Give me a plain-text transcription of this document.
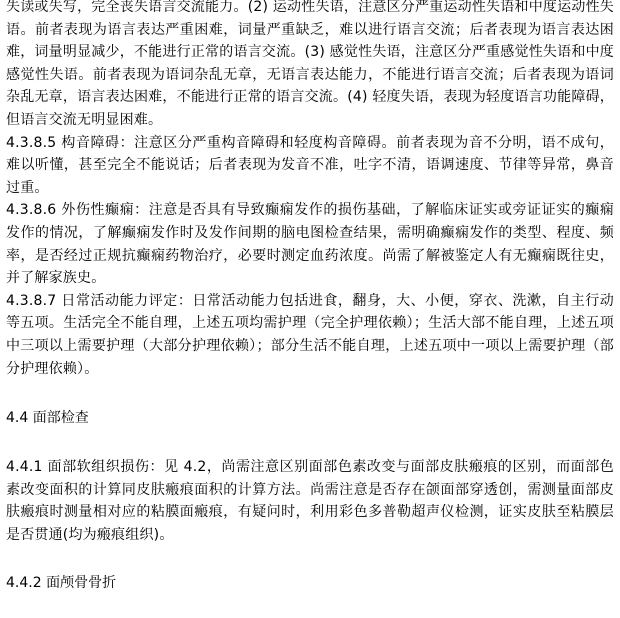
失读或失写，完全丧失语言交流能力。(2) 运动性失语，注意区分严重运动性失语和中度运动性失语。前者表现为语言表达严重困难，词量严重缺乏，难以进行语言交流；后者表现为语言表达困难，词量明显减少，不能进行正常的语言交流。(3) 感觉性失语，注意区分严重感觉性失语和中度感觉性失语。前者表现为语词杂乱无章，无语言表达能力，不能进行语言交流；后者表现为语词杂乱无章，语言表达困难，不能进行正常的语言交流。(4) 轻度失语，表现为轻度语言功能障碍，但语言交流无明显困难。

4.3.8.5 构音障碍：注意区分严重构音障碍和轻度构音障碍。前者表现为音不分明，语不成句，难以听懂，甚至完全不能说话；后者表现为发音不准，吐字不清，语调速度、节律等异常，鼻音过重。

4.3.8.6 外伤性癫痫：注意是否具有导致癫痫发作的损伤基础，了解临床证实或旁证证实的癫痫发作的情况，了解癫痫发作时及发作间期的脑电图检查结果，需明确癫痫发作的类型、程度、频率，是否经过正规抗癫痫药物治疗，必要时测定血药浓度。尚需了解被鉴定人有无癫痫既往史，并了解家族史。

4.3.8.7 日常活动能力评定：日常活动能力包括进食，翻身，大、小便，穿衣、洗漱，自主行动等五项。生活完全不能自理，上述五项均需护理（完全护理依赖）；生活大部不能自理，上述五项中三项以上需要护理（大部分护理依赖）；部分生活不能自理，上述五项中一项以上需要护理（部分护理依赖）。

4.4 面部检查

4.4.1 面部软组织损伤：见 4.2，尚需注意区别面部色素改变与面部皮肤瘢痕的区别，而面部色素改变面积的计算同皮肤瘢痕面积的计算方法。尚需注意是否存在颌面部穿透创，需测量面部皮肤瘢痕时测量相对应的粘膜面瘢痕，有疑问时，利用彩色多普勒超声仪检测，证实皮肤至粘膜层是否贯通(均为瘢痕组织)。

4.4.2 面颅骨骨折
